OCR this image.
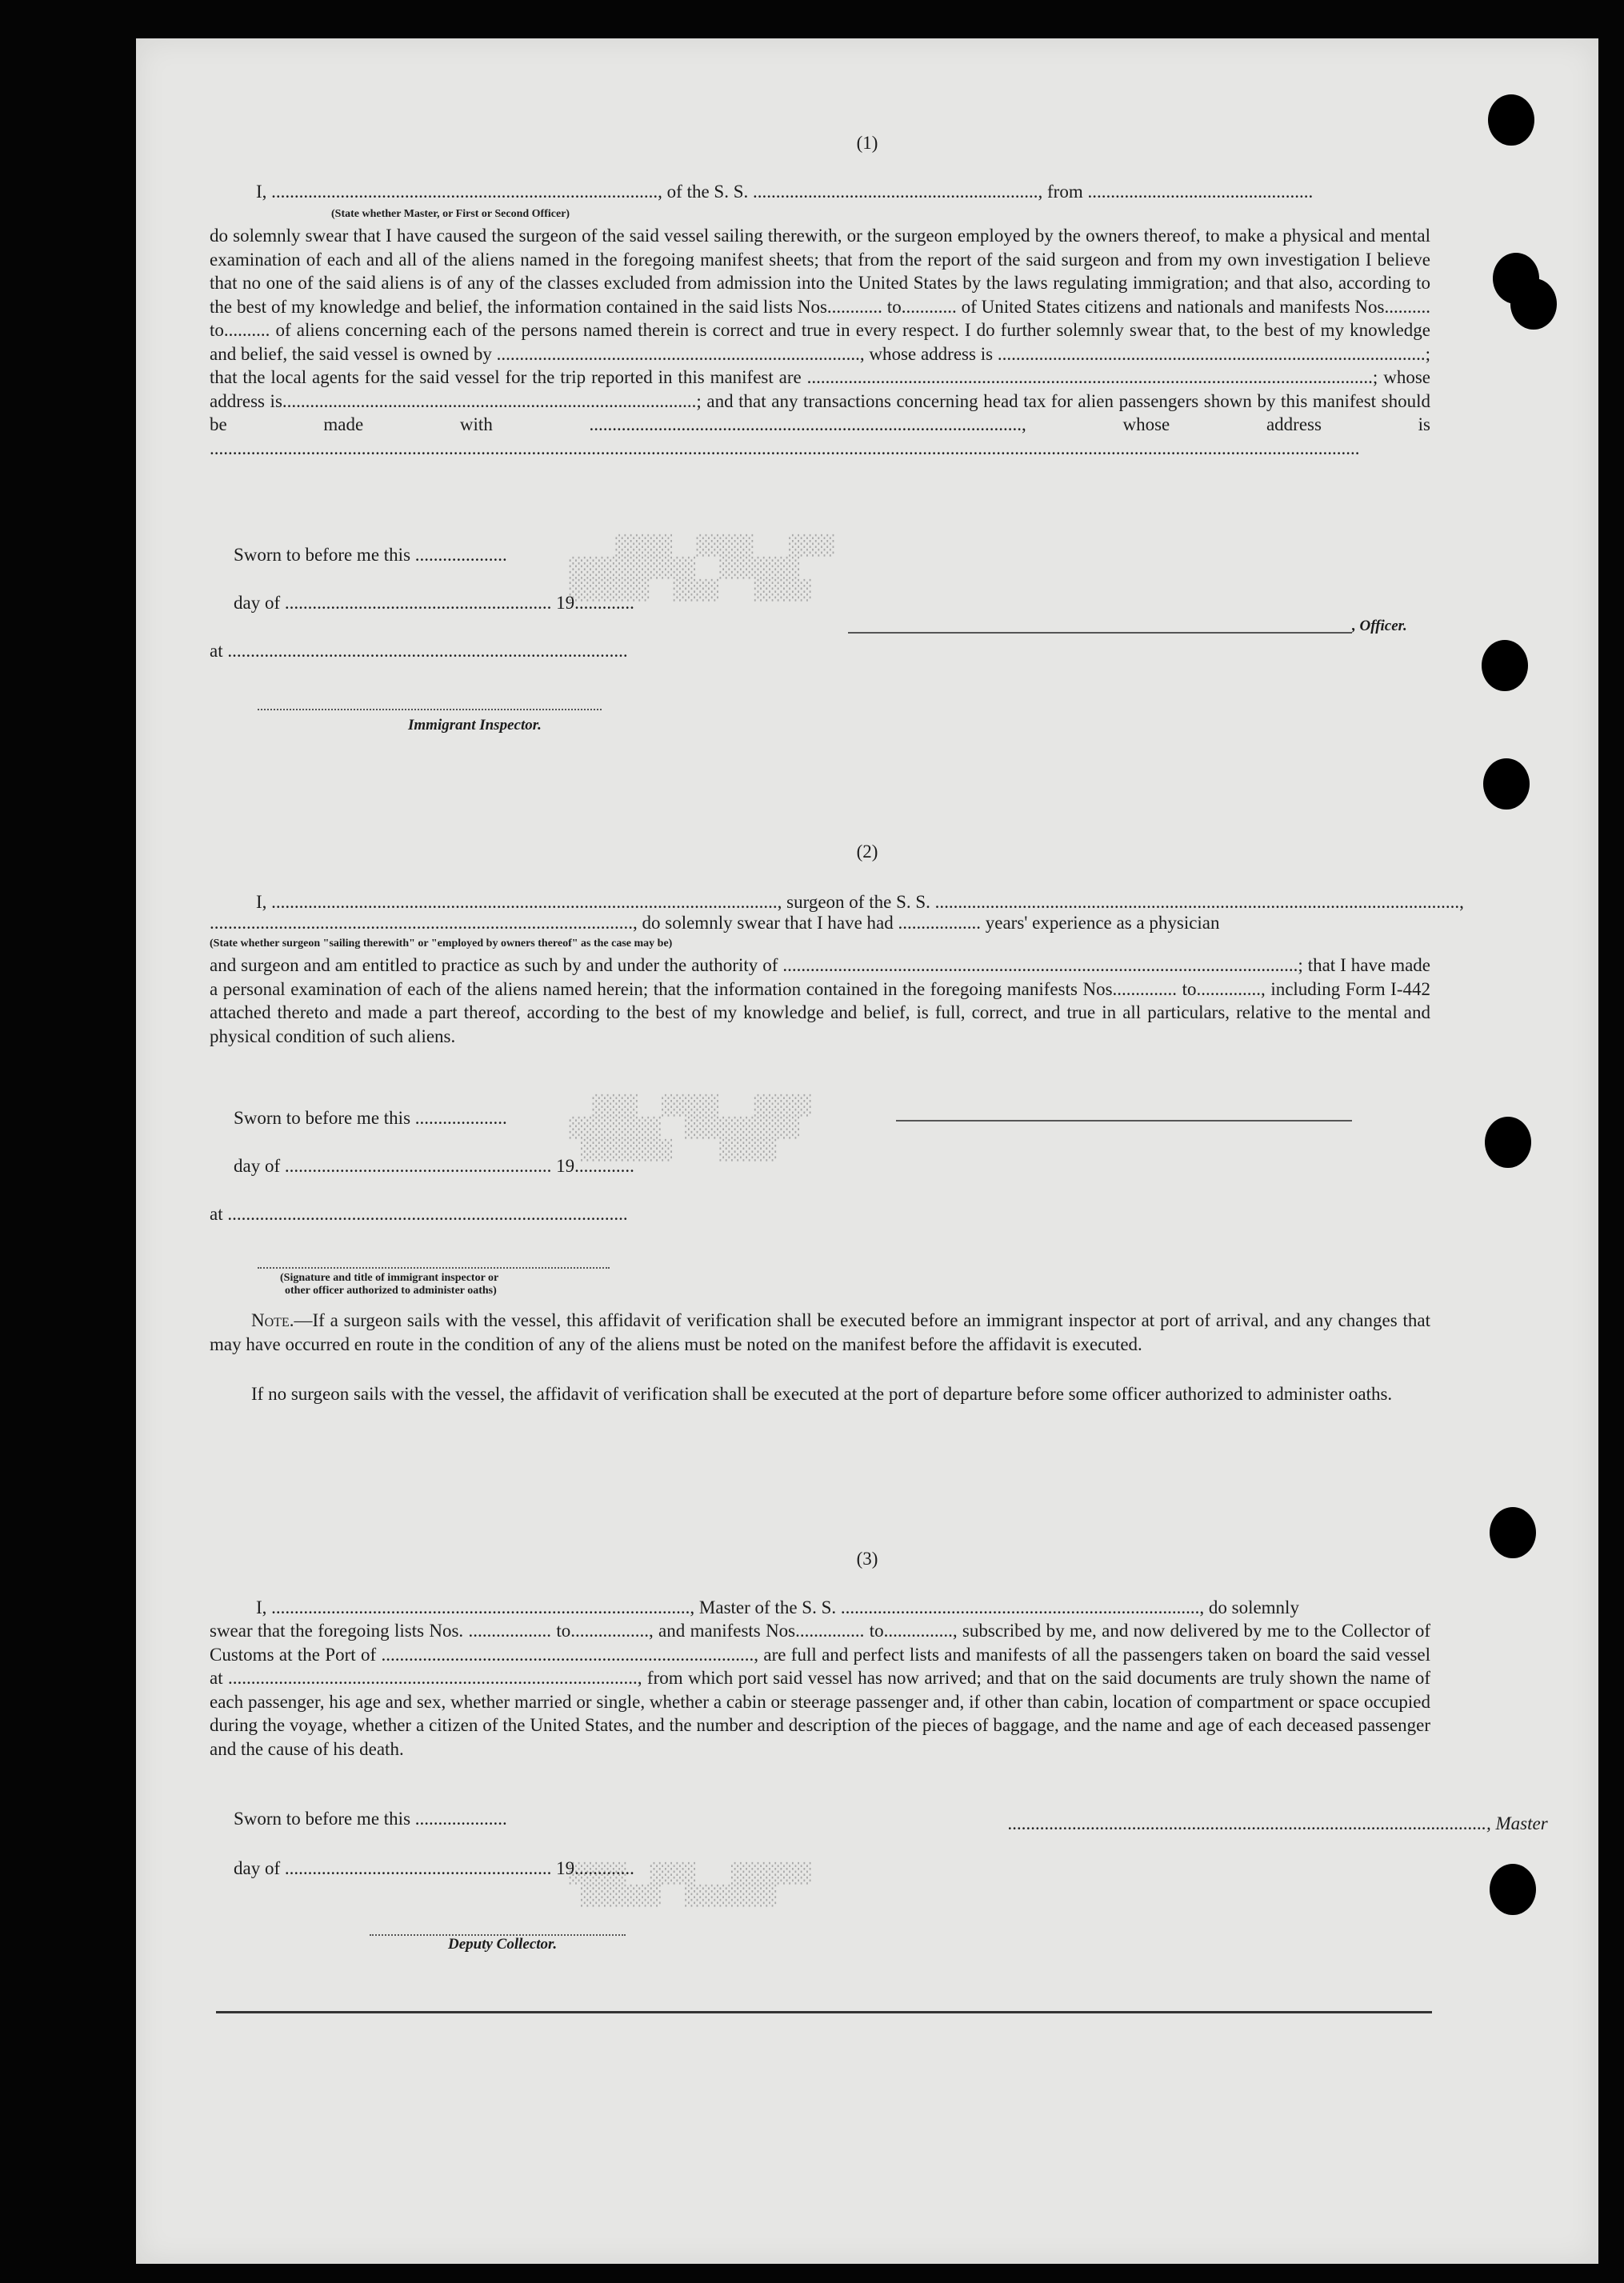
░░░░   ░░░░░  ░░░░░
░░░░░░░  ░░░░░░░░░░░
░░░░░   ░░░░  ░░░░░░░
░░░░░   ░░░░░  ░░░░
░░░░░░░░░░  ░░░░░░░░
░░░░░    ░░░░░░░░
░░░░░░░   ░░░░  ░░░░░
░░░░░░░░  ░░░░░░░
(1)
I, ...................................................................................., of the S. S. .............................................................., from .................................................
(State whether Master, or First or Second Officer)
do solemnly swear that I have caused the surgeon of the said vessel sailing therewith, or the surgeon employed by the owners thereof, to make a physical and mental examination of each and all of the aliens named in the foregoing manifest sheets; that from the report of the said surgeon and from my own investigation I believe that no one of the said aliens is of any of the classes excluded from admission into the United States by the laws regulating immigration; and that also, according to the best of my knowledge and belief, the information contained in the said lists Nos............ to............ of United States citizens and nationals and manifests Nos.......... to.......... of aliens concerning each of the persons named therein is correct and true in every respect. I do further solemnly swear that, to the best of my knowledge and belief, the said vessel is owned by ..............................................................................., whose address is .............................................................................................; that the local agents for the said vessel for the trip reported in this manifest are ...........................................................................................................................; whose address is..........................................................................................; and that any transactions concerning head tax for alien passengers shown by this manifest should be made with .............................................................................................., whose address is ..........................................................................................................................................................................................................................................................
Sworn to before me this ....................
day of .......................................................... 19.............
at .......................................................................................
, Officer.
Immigrant Inspector.
(2)
I, .............................................................................................................., surgeon of the S. S. ..................................................................................................................,
............................................................................................, do solemnly swear that I have had .................. years' experience as a physician
(State whether surgeon "sailing therewith" or "employed by owners thereof" as the case may be)
and surgeon and am entitled to practice as such by and under the authority of ................................................................................................................; that I have made a personal examination of each of the aliens named herein; that the information contained in the foregoing manifests Nos.............. to.............., including Form I-442 attached thereto and made a part thereof, according to the best of my knowledge and belief, is full, correct, and true in all particulars, relative to the mental and physical condition of such aliens.
Sworn to before me this ....................
day of .......................................................... 19.............
at .......................................................................................
(Signature and title of immigrant inspector or
other officer authorized to administer oaths)
Note.—If a surgeon sails with the vessel, this affidavit of verification shall be executed before an immigrant inspector at port of arrival, and any changes that may have occurred en route in the condition of any of the aliens must be noted on the manifest before the affidavit is executed.
If no surgeon sails with the vessel, the affidavit of verification shall be executed at the port of departure before some officer authorized to administer oaths.
(3)
I, ..........................................................................................., Master of the S. S. .............................................................................., do solemnly
swear that the foregoing lists Nos. .................. to................., and manifests Nos............... to..............., subscribed by me, and now delivered by me to the Collector of Customs at the Port of ................................................................................., are full and perfect lists and manifests of all the passengers taken on board the said vessel at ........................................................................................., from which port said vessel has now arrived; and that on the said documents are truly shown the name of each passenger, his age and sex, whether married or single, whether a cabin or steerage passenger and, if other than cabin, location of compartment or space occupied during the voyage, whether a citizen of the United States, and the number and description of the pieces of baggage, and the name and age of each deceased passenger and the cause of his death.
Sworn to before me this ....................	........................................................................................................, Master
day of .......................................................... 19.............
Deputy Collector.
